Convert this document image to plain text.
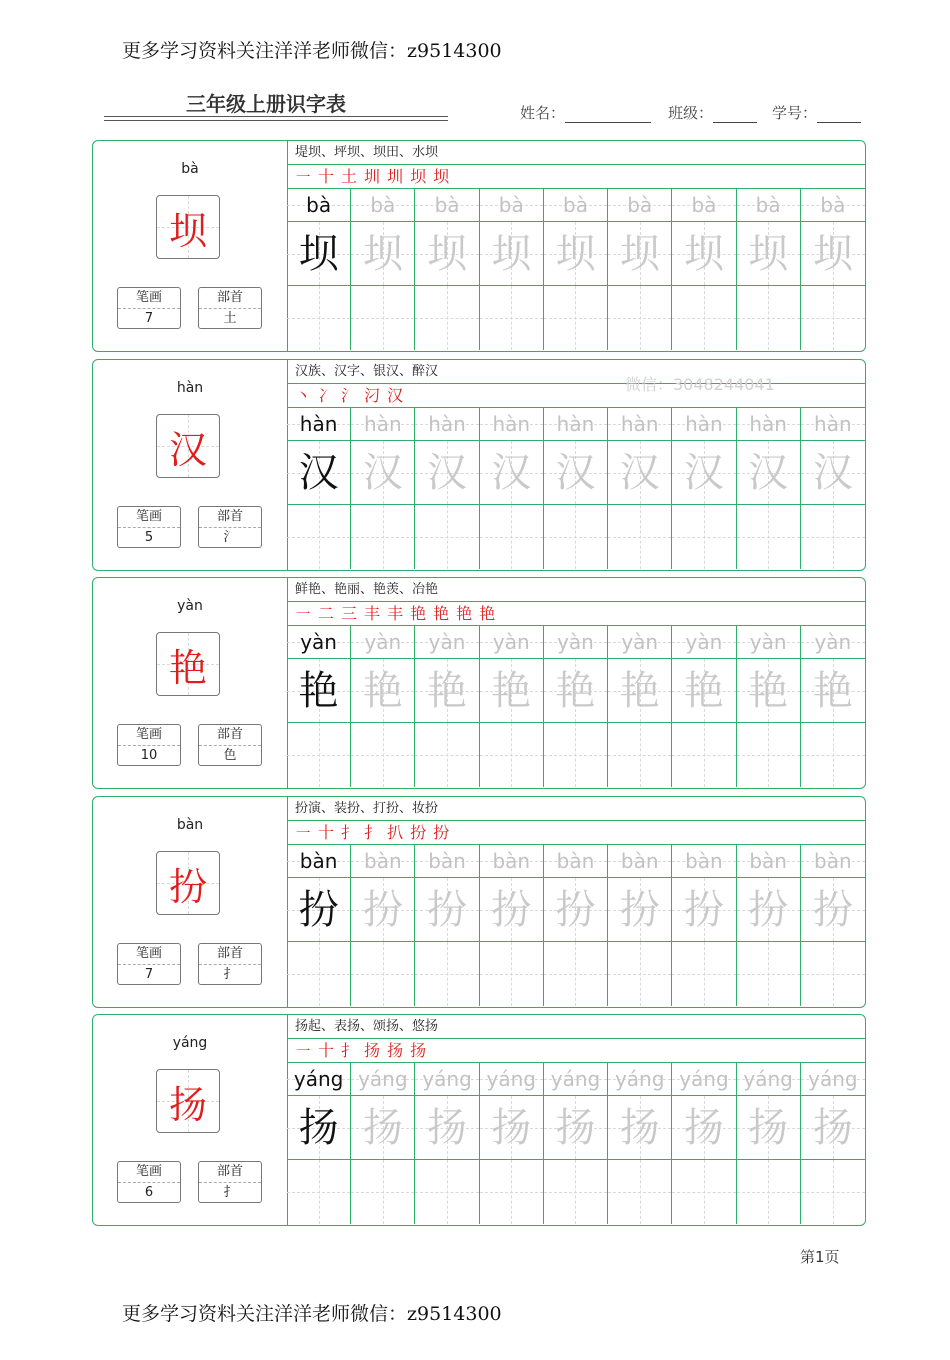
更多学习资料关注洋洋老师微信：z9514300
三年级上册识字表	姓名：	班级：	学号：
bà
坝
笔画
7
部首
土
堤坝、坪坝、坝田、水坝
㇐ 十 土 圳 圳 坝 坝
bà
坝
bà
坝
bà
坝
bà
坝
bà
坝
bà
坝
bà
坝
bà
坝
bà
坝
hàn
汉
笔画
5
部首
氵
汉族、汉字、银汉、醉汉
丶 冫 氵 汈 汉
hàn
汉
hàn
汉
hàn
汉
hàn
汉
hàn
汉
hàn
汉
hàn
汉
hàn
汉
hàn
汉
yàn
艳
笔画
10
部首
色
鲜艳、艳丽、艳羡、冶艳
㇐ 二 三 丰 丰 艳 艳 艳 艳
yàn
艳
yàn
艳
yàn
艳
yàn
艳
yàn
艳
yàn
艳
yàn
艳
yàn
艳
yàn
艳
bàn
扮
笔画
7
部首
扌
扮演、装扮、打扮、妆扮
㇐ 十 扌 扌 扒 扮 扮
bàn
扮
bàn
扮
bàn
扮
bàn
扮
bàn
扮
bàn
扮
bàn
扮
bàn
扮
bàn
扮
yáng
扬
笔画
6
部首
扌
扬起、表扬、颂扬、悠扬
㇐ 十 扌 扬 扬 扬
yáng
扬
yáng
扬
yáng
扬
yáng
扬
yáng
扬
yáng
扬
yáng
扬
yáng
扬
yáng
扬
微信：3048244041
第1页
更多学习资料关注洋洋老师微信：z9514300
